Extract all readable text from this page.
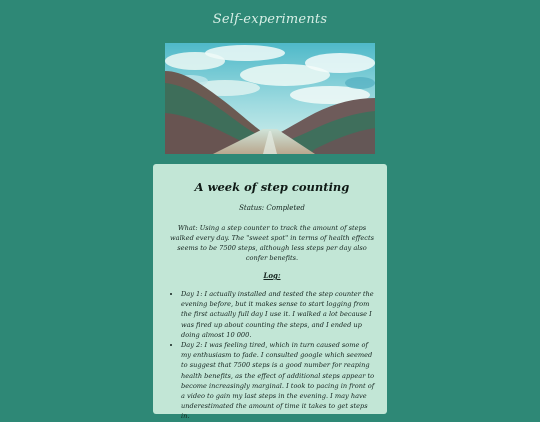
Self-experiments
A week of step counting
Status: Completed
What: Using a step counter to track the amount of steps walked every day. The "sweet spot" in terms of health effects seems to be 7500 steps, although less steps per day also confer benefits.
Log:
• Day 1: I actually installed and tested the step counter the evening before, but it makes sense to start logging from the first actually full day I use it. I walked a lot because I was fired up about counting the steps, and I ended up doing almost 10 000.
• Day 2: I was feeling tired, which in turn caused some of my enthusiasm to fade. I consulted google which seemed to suggest that 7500 steps is a good number for reaping health benefits, as the effect of additional steps appear to become increasingly marginal. I took to pacing in front of a video to gain my last steps in the evening. I may have underestimated the amount of time it takes to get steps in.
